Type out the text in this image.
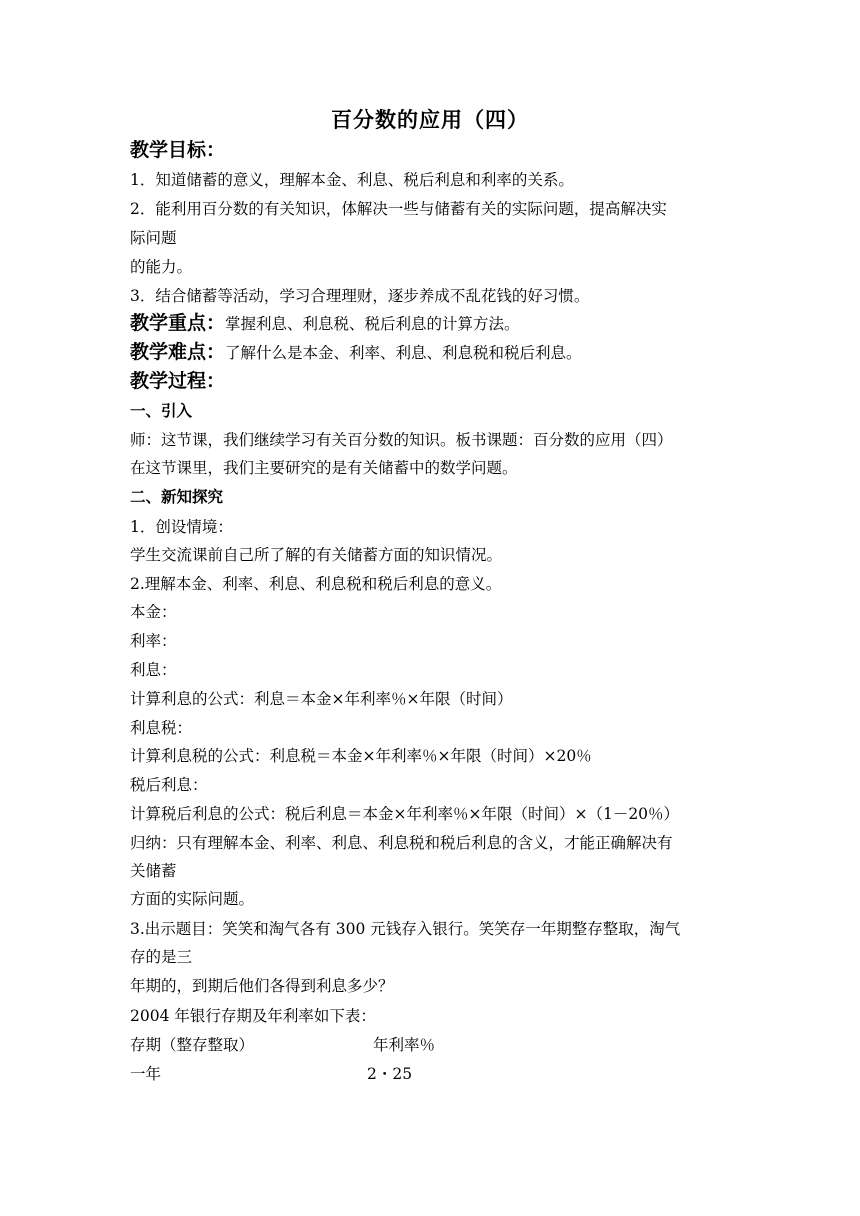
百分数的应用（四）
教学目标：
1．知道储蓄的意义，理解本金、利息、税后利息和利率的关系。
2．能利用百分数的有关知识，体解决一些与储蓄有关的实际问题，提高解决实
际问题
的能力。
3．结合储蓄等活动，学习合理理财，逐步养成不乱花钱的好习惯。
教学重点：掌握利息、利息税、税后利息的计算方法。
教学难点：了解什么是本金、利率、利息、利息税和税后利息。
教学过程：
一、引入
师：这节课，我们继续学习有关百分数的知识。板书课题：百分数的应用（四）
在这节课里，我们主要研究的是有关储蓄中的数学问题。
二、新知探究
1．创设情境：
学生交流课前自己所了解的有关储蓄方面的知识情况。
2.理解本金、利率、利息、利息税和税后利息的意义。
本金：
利率：
利息：
计算利息的公式：利息＝本金×年利率％×年限（时间）
利息税：
计算利息税的公式：利息税＝本金×年利率％×年限（时间）×20％
税后利息：
计算税后利息的公式：税后利息＝本金×年利率％×年限（时间）×（1－20％）
归纳：只有理解本金、利率、利息、利息税和税后利息的含义，才能正确解决有
关储蓄
方面的实际问题。
3.出示题目：笑笑和淘气各有 300 元钱存入银行。笑笑存一年期整存整取，淘气
存的是三
年期的，到期后他们各得到利息多少？
2004 年银行存期及年利率如下表：
存期（整存整取）	年利率％
一年	2・25
